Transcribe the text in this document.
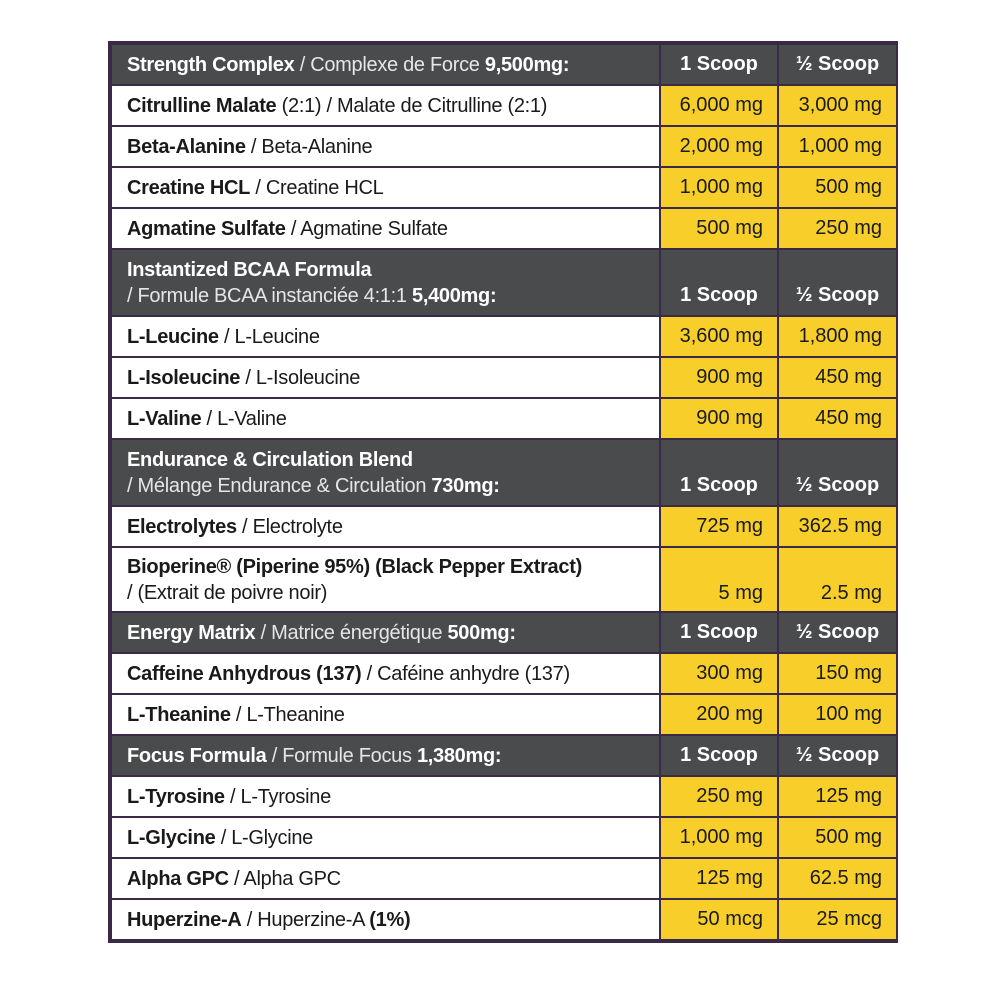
Strength Complex / Complexe de Force 9,500mg:	1 Scoop	½ Scoop

Citrulline Malate (2:1) / Malate de Citrulline (2:1)	6,000 mg	3,000 mg

Beta-Alanine / Beta-Alanine	2,000 mg	1,000 mg

Creatine HCL / Creatine HCL	1,000 mg	500 mg

Agmatine Sulfate / Agmatine Sulfate	500 mg	250 mg

Instantized BCAA Formula
/ Formule BCAA instanciée 4:1:1 5,400mg:	1 Scoop	½ Scoop

L-Leucine / L-Leucine	3,600 mg	1,800 mg

L-Isoleucine / L-Isoleucine	900 mg	450 mg

L-Valine / L-Valine	900 mg	450 mg

Endurance & Circulation Blend
/ Mélange Endurance & Circulation 730mg:	1 Scoop	½ Scoop

Electrolytes / Electrolyte	725 mg	362.5 mg

Bioperine® (Piperine 95%) (Black Pepper Extract)
/ (Extrait de poivre noir)	5 mg	2.5 mg

Energy Matrix / Matrice énergétique 500mg:	1 Scoop	½ Scoop

Caffeine Anhydrous (137) / Caféine anhydre (137)	300 mg	150 mg

L-Theanine / L-Theanine	200 mg	100 mg

Focus Formula / Formule Focus 1,380mg:	1 Scoop	½ Scoop

L-Tyrosine / L-Tyrosine	250 mg	125 mg

L-Glycine / L-Glycine	1,000 mg	500 mg

Alpha GPC / Alpha GPC	125 mg	62.5 mg

Huperzine-A / Huperzine-A (1%)	50 mcg	25 mcg
